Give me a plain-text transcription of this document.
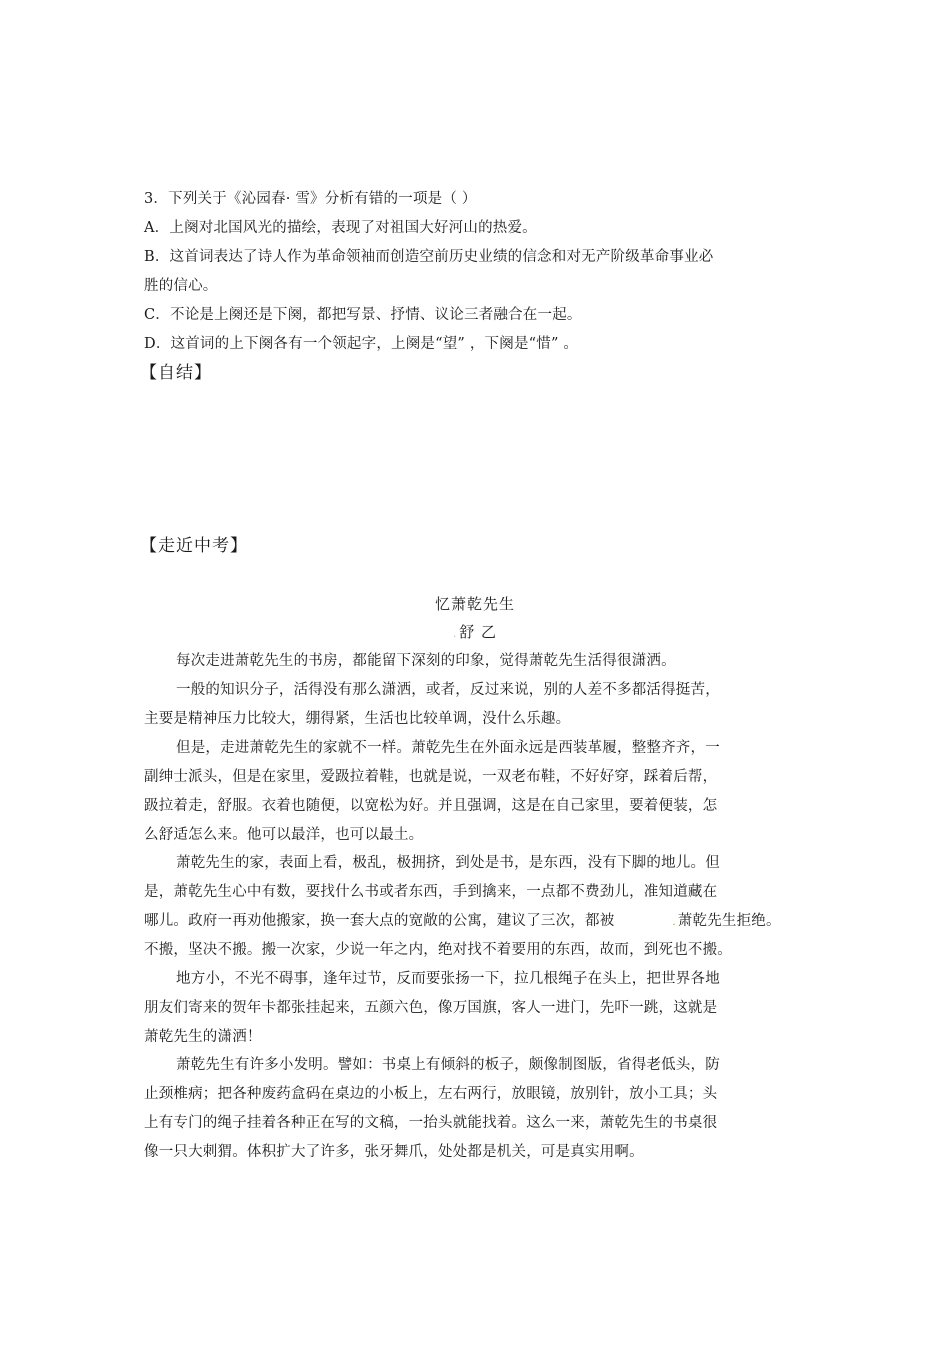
3．下列关于《沁园春· 雪》分析有错的一项是（ ）
A．上阕对北国风光的描绘，表现了对祖国大好河山的热爱。
B．这首词表达了诗人作为革命领袖而创造空前历史业绩的信念和对无产阶级革命事业必
胜的信心。
C．不论是上阕还是下阕，都把写景、抒情、议论三者融合在一起。
D．这首词的上下阕各有一个领起字，上阕是“望” ，下阕是“惜” 。
【自结】
【走近中考】
忆萧乾先生
. 舒 乙
每次走进萧乾先生的书房，都能留下深刻的印象，觉得萧乾先生活得很潇洒。
一般的知识分子，活得没有那么潇洒，或者，反过来说，别的人差不多都活得挺苦，
主要是精神压力比较大，绷得紧，生活也比较单调，没什么乐趣。
但是，走进萧乾先生的家就不一样。萧乾先生在外面永远是西装革履，整整齐齐，一
副绅士派头，但是在家里，爱趿拉着鞋，也就是说，一双老布鞋，不好好穿，踩着后帮，
趿拉着走，舒服。衣着也随便，以宽松为好。并且强调，这是在自己家里，要着便装，怎
么舒适怎么来。他可以最洋，也可以最土。
萧乾先生的家，表面上看，极乱，极拥挤，到处是书，是东西，没有下脚的地儿。但
是，萧乾先生心中有数，要找什么书或者东西，手到擒来，一点都不费劲儿，准知道藏在
哪儿。政府一再劝他搬家，换一套大点的宽敞的公寓，建议了三次，都被	. 萧乾先生拒绝。
不搬，坚决不搬。搬一次家，少说一年之内，绝对找不着要用的东西，故而，到死也不搬。
地方小，不光不碍事，逢年过节，反而要张扬一下，拉几根绳子在头上，把世界各地
朋友们寄来的贺年卡都张挂起来，五颜六色，像万国旗，客人一进门，先吓一跳，这就是
萧乾先生的潇洒！
萧乾先生有许多小发明。譬如：书桌上有倾斜的板子，颇像制图版，省得老低头，防
止颈椎病；把各种废药盒码在桌边的小板上，左右两行，放眼镜，放别针，放小工具；头
上有专门的绳子挂着各种正在写的文稿，一抬头就能找着。这么一来，萧乾先生的书桌很
像一只大刺猬。体积扩大了许多，张牙舞爪，处处都是机关，可是真实用啊。
